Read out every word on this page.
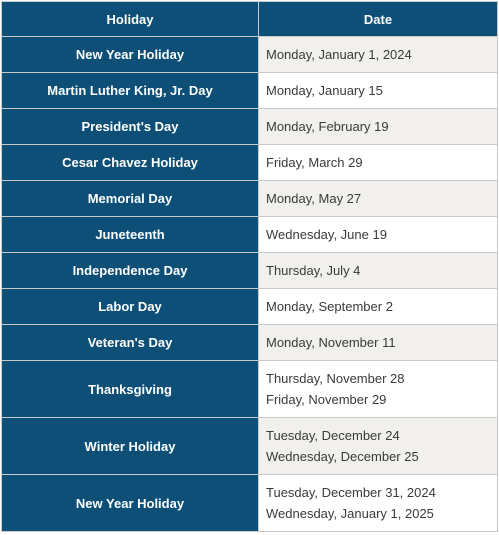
Holiday	Date
New Year Holiday	Monday, January 1, 2024

Martin Luther King, Jr. Day	Monday, January 15

President's Day	Monday, February 19

Cesar Chavez Holiday	Friday, March 29

Memorial Day	Monday, May 27

Juneteenth	Wednesday, June 19

Independence Day	Thursday, July 4

Labor Day	Monday, September 2

Veteran's Day	Monday, November 11

Thanksgiving	Thursday, November 28
Friday, November 29

Winter Holiday	Tuesday, December 24
Wednesday, December 25

New Year Holiday	Tuesday, December 31, 2024
Wednesday, January 1, 2025
